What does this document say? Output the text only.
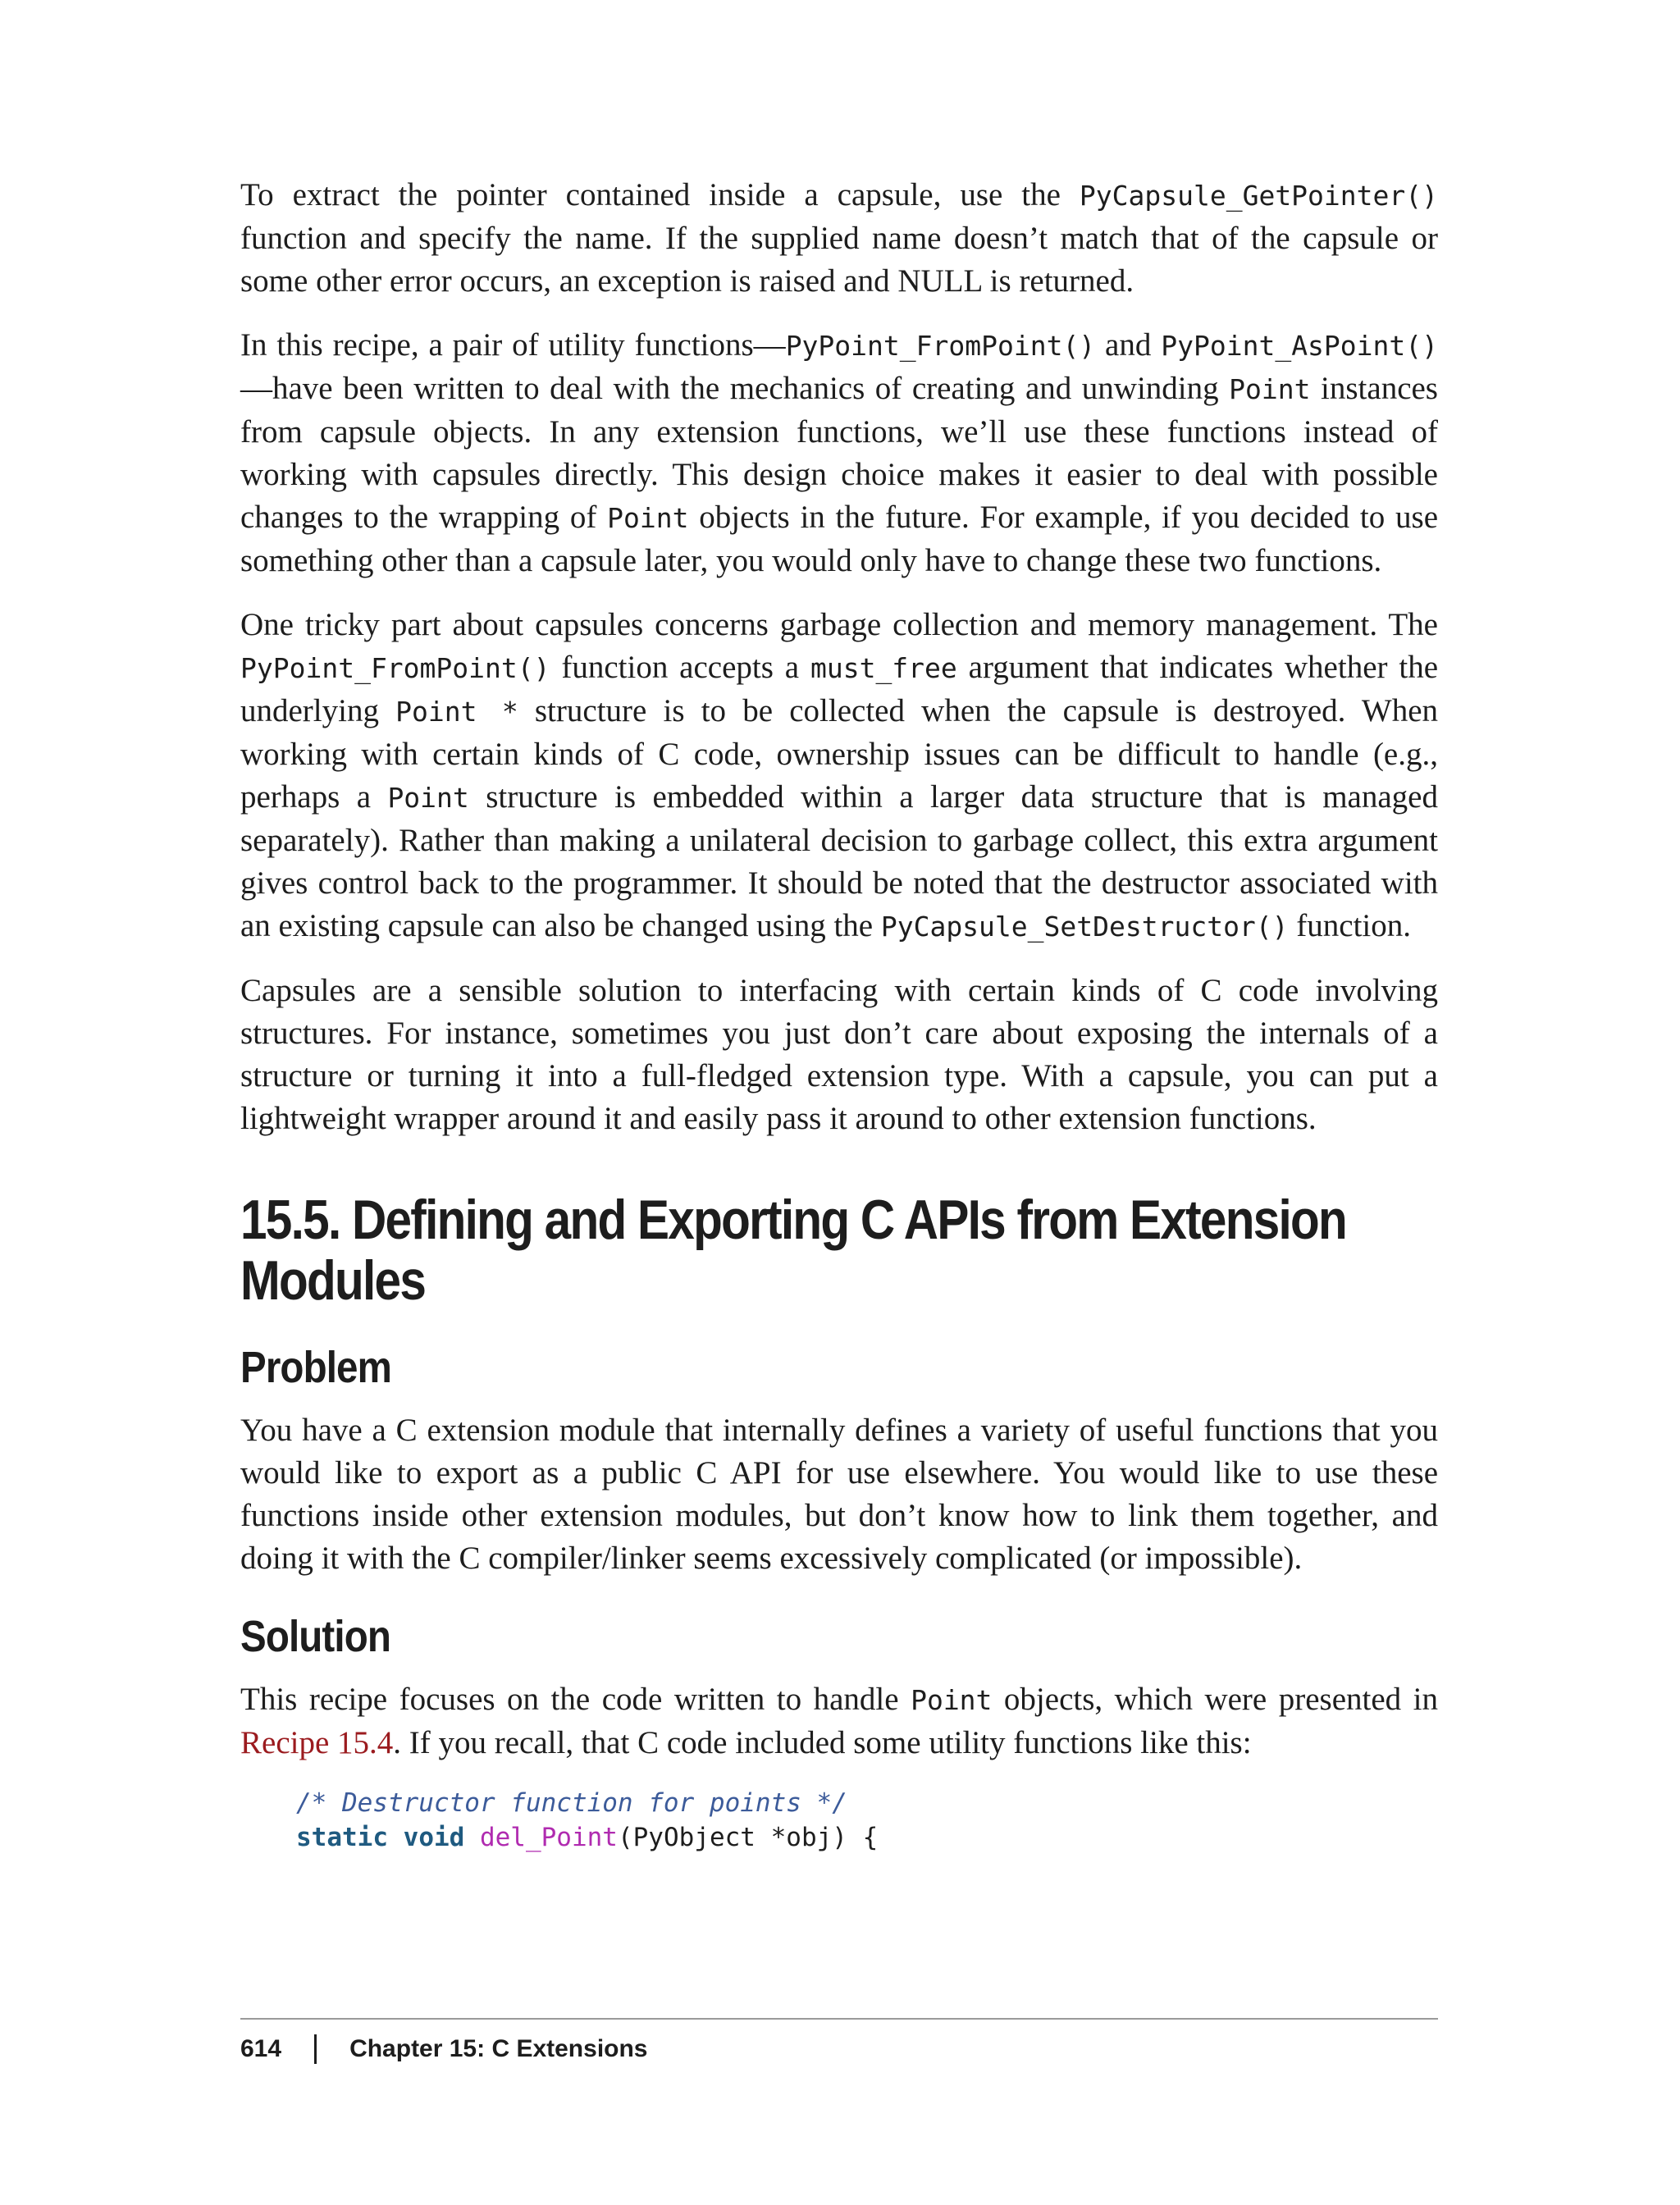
To extract the pointer contained inside a capsule, use the PyCapsule_GetPointer() function and specify the name. If the supplied name doesn’t match that of the capsule or some other error occurs, an exception is raised and NULL is returned.

In this recipe, a pair of utility functions—PyPoint_FromPoint() and PyPoint_AsPoint()—have been written to deal with the mechanics of creating and unwinding Point instances from capsule objects. In any extension functions, we’ll use these functions instead of working with capsules directly. This design choice makes it easier to deal with possible changes to the wrapping of Point objects in the future. For example, if you decided to use something other than a capsule later, you would only have to change these two functions.

One tricky part about capsules concerns garbage collection and memory management. The PyPoint_FromPoint() function accepts a must_free argument that indicates whether the underlying Point * structure is to be collected when the capsule is destroyed. When working with certain kinds of C code, ownership issues can be difficult to handle (e.g., perhaps a Point structure is embedded within a larger data structure that is managed separately). Rather than making a unilateral decision to garbage collect, this extra argument gives control back to the programmer. It should be noted that the destructor associated with an existing capsule can also be changed using the PyCapsule_SetDestructor() function.

Capsules are a sensible solution to interfacing with certain kinds of C code involving structures. For instance, sometimes you just don’t care about exposing the internals of a structure or turning it into a full-fledged extension type. With a capsule, you can put a lightweight wrapper around it and easily pass it around to other extension functions.

15.5. Defining and Exporting C APIs from Extension Modules
Problem

You have a C extension module that internally defines a variety of useful functions that you would like to export as a public C API for use elsewhere. You would like to use these functions inside other extension modules, but don’t know how to link them together, and doing it with the C compiler/linker seems excessively complicated (or impossible).

Solution

This recipe focuses on the code written to handle Point objects, which were presented in Recipe 15.4. If you recall, that C code included some utility functions like this:

/* Destructor function for points */
static void del_Point(PyObject *obj) {
614	Chapter 15: C Extensions
